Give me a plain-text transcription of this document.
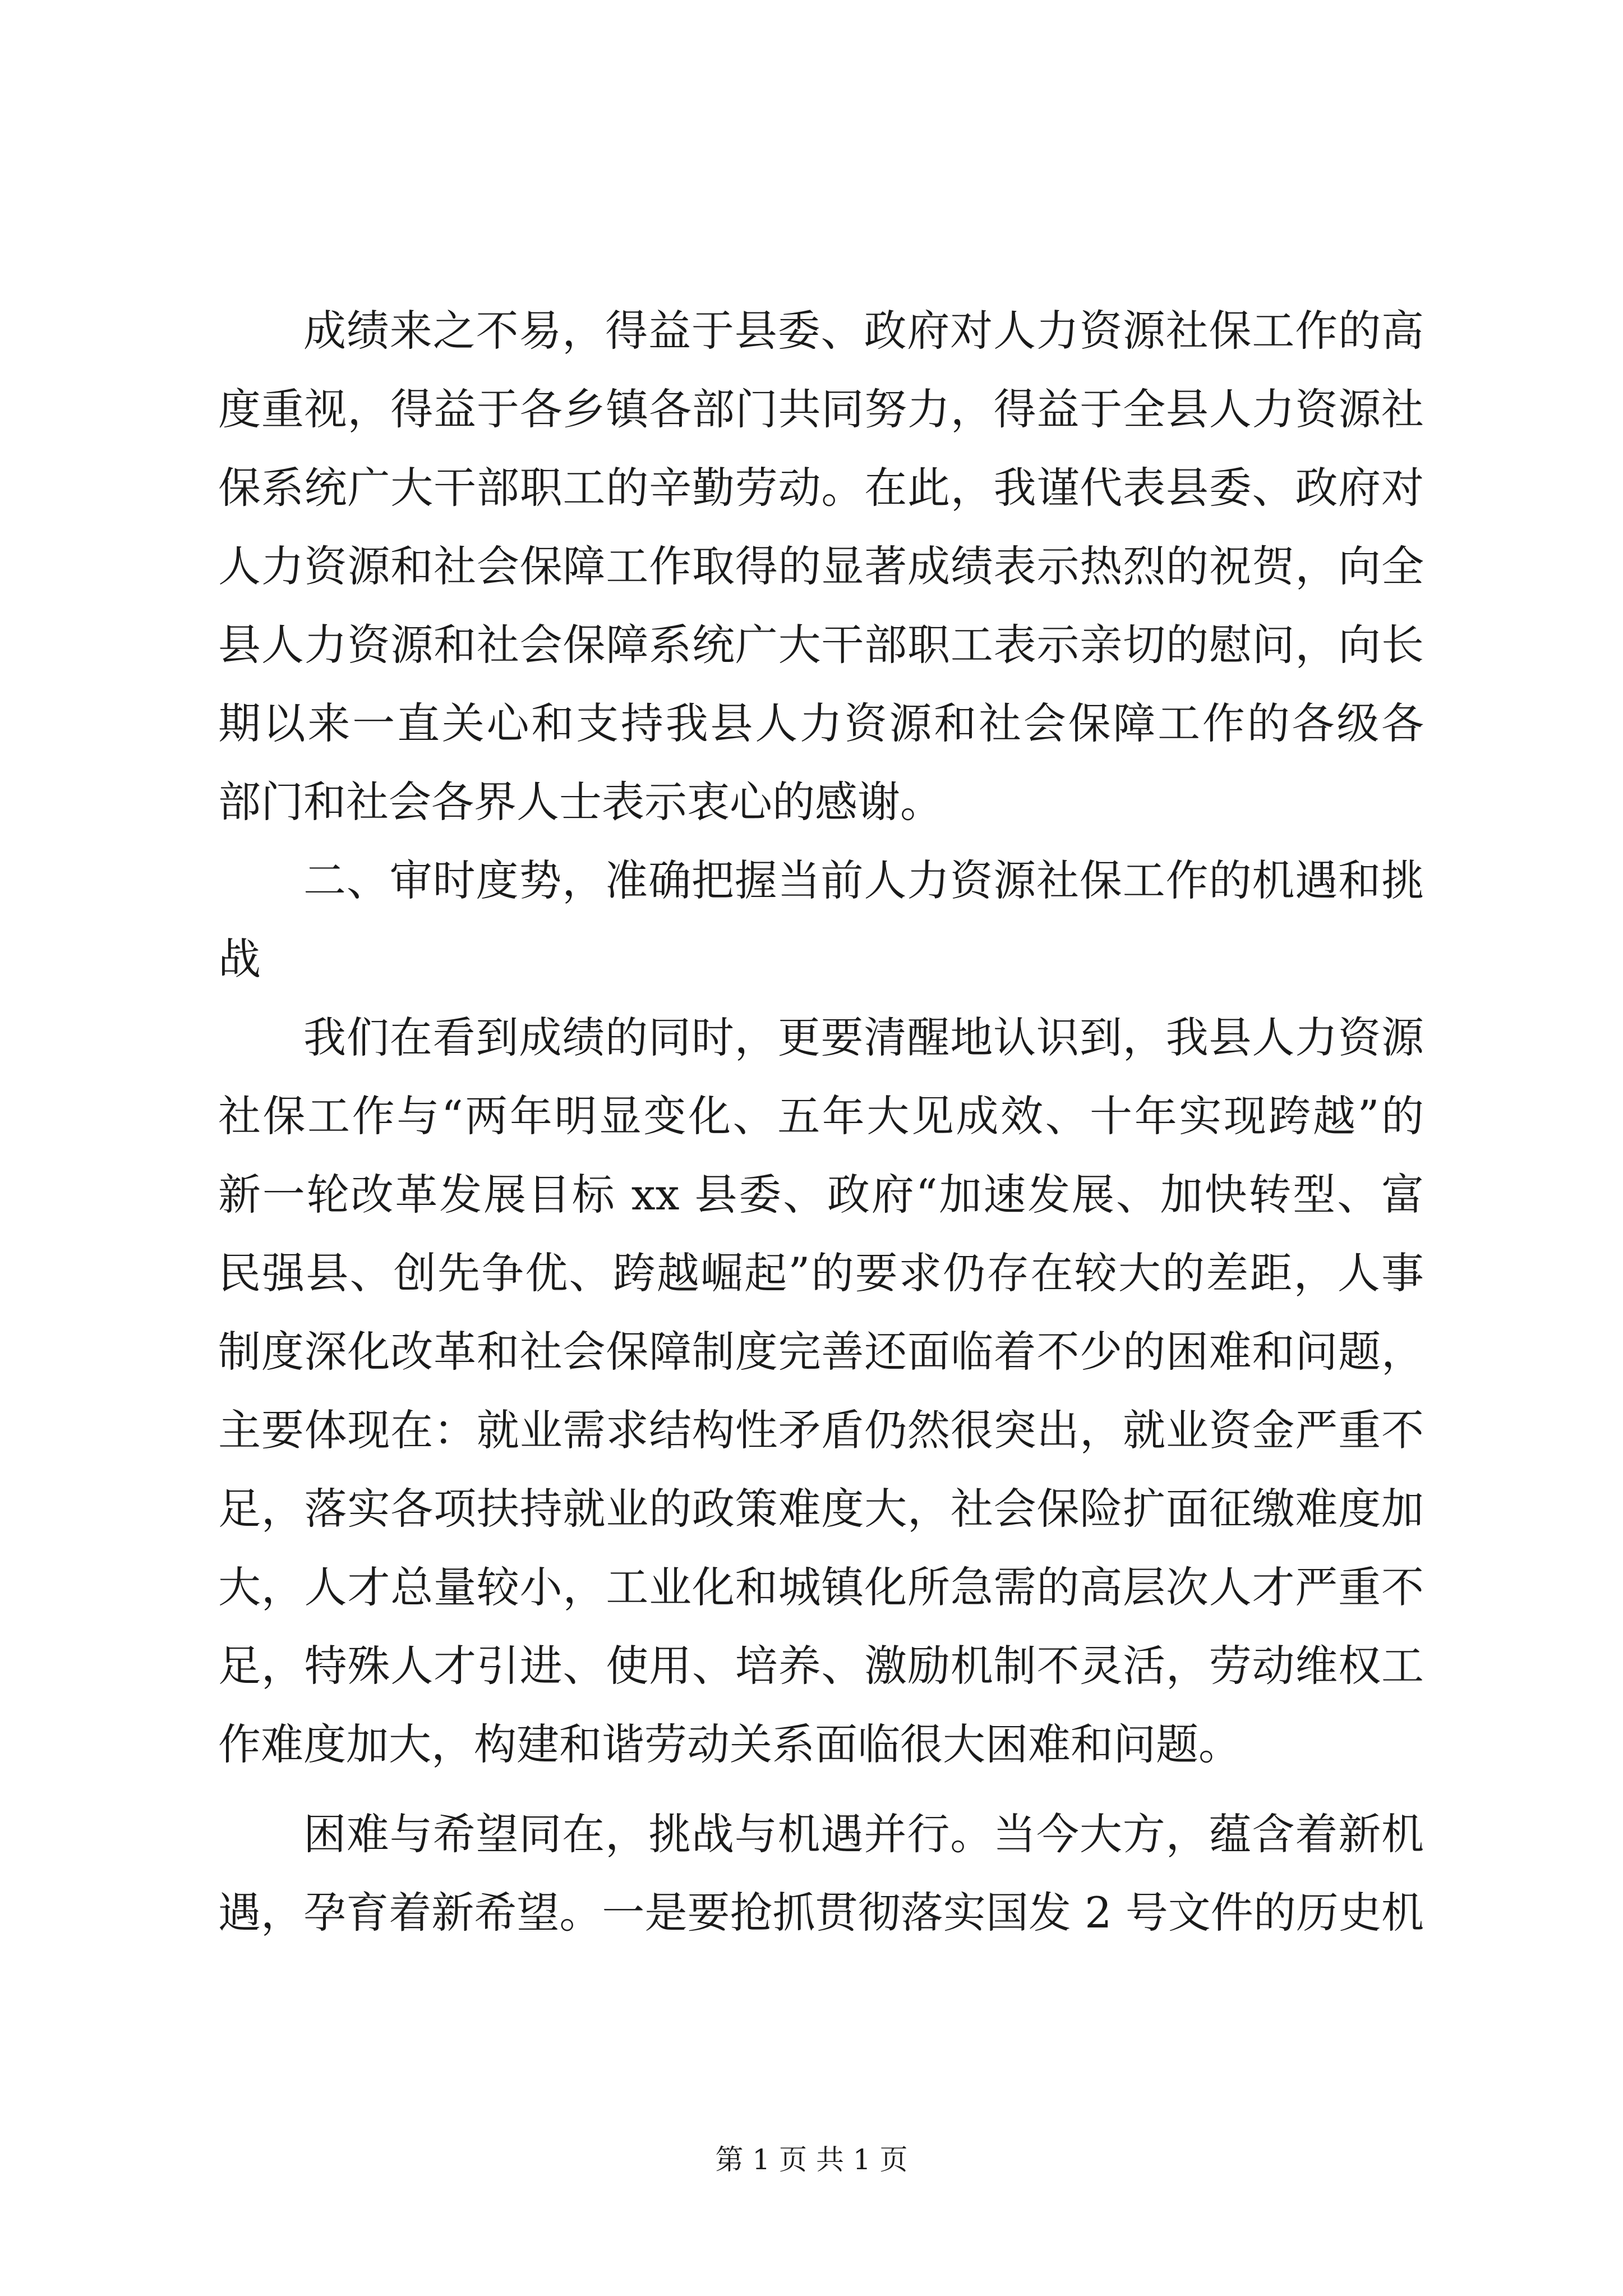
成绩来之不易，得益于县委、政府对人力资源社保工作的高
度重视，得益于各乡镇各部门共同努力，得益于全县人力资源社
保系统广大干部职工的辛勤劳动。在此，我谨代表县委、政府对
人力资源和社会保障工作取得的显著成绩表示热烈的祝贺，向全
县人力资源和社会保障系统广大干部职工表示亲切的慰问，向长
期以来一直关心和支持我县人力资源和社会保障工作的各级各
部门和社会各界人士表示衷心的感谢。
二、审时度势，准确把握当前人力资源社保工作的机遇和挑
战
我们在看到成绩的同时，更要清醒地认识到，我县人力资源
社保工作与“两年明显变化、五年大见成效、十年实现跨越”的
新一轮改革发展目标 xx 县委、政府“加速发展、加快转型、富
民强县、创先争优、跨越崛起”的要求仍存在较大的差距，人事
制度深化改革和社会保障制度完善还面临着不少的困难和问题，
主要体现在：就业需求结构性矛盾仍然很突出，就业资金严重不
足，落实各项扶持就业的政策难度大，社会保险扩面征缴难度加
大，人才总量较小，工业化和城镇化所急需的高层次人才严重不
足，特殊人才引进、使用、培养、激励机制不灵活，劳动维权工
作难度加大，构建和谐劳动关系面临很大困难和问题。
困难与希望同在，挑战与机遇并行。当今大方，蕴含着新机
遇，孕育着新希望。一是要抢抓贯彻落实国发 2 号文件的历史机
第 1 页 共 1 页
